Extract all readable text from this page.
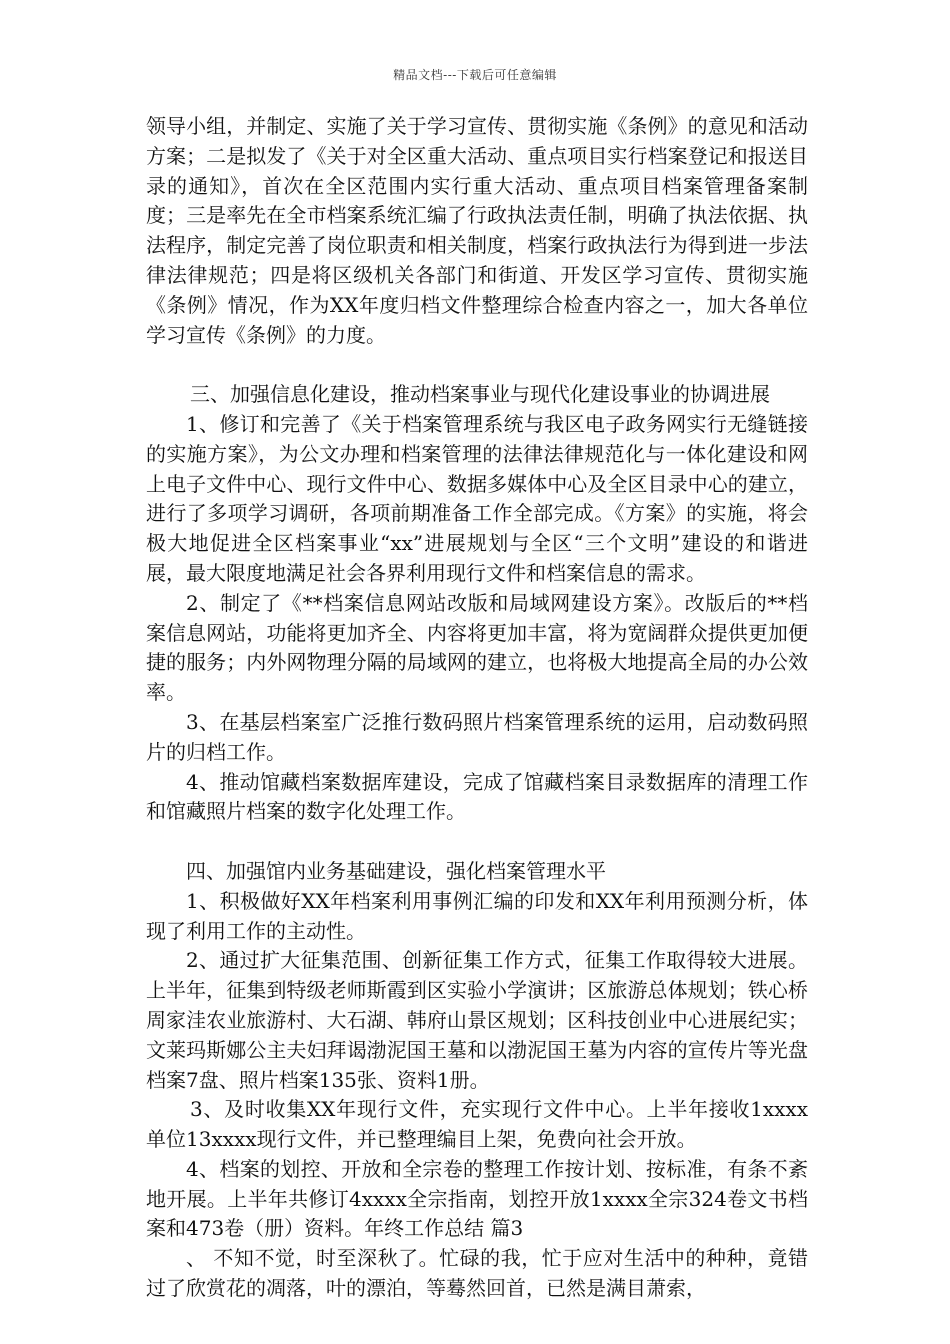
精品文档---下载后可任意编辑

领导小组，并制定、实施了关于学习宣传、贯彻实施《条例》的意见和活动方案；二是拟发了《关于对全区重大活动、重点项目实行档案登记和报送目录的通知》，首次在全区范围内实行重大活动、重点项目档案管理备案制度；三是率先在全市档案系统汇编了行政执法责任制，明确了执法依据、执法程序，制定完善了岗位职责和相关制度，档案行政执法行为得到进一步法律法律规范；四是将区级机关各部门和街道、开发区学习宣传、贯彻实施《条例》情况，作为XX年度归档文件整理综合检查内容之一，加大各单位学习宣传《条例》的力度。

三、加强信息化建设，推动档案事业与现代化建设事业的协调进展

1、修订和完善了《关于档案管理系统与我区电子政务网实行无缝链接的实施方案》，为公文办理和档案管理的法律法律规范化与一体化建设和网上电子文件中心、现行文件中心、数据多媒体中心及全区目录中心的建立，进行了多项学习调研，各项前期准备工作全部完成。《方案》的实施，将会极大地促进全区档案事业“xx”进展规划与全区“三个文明”建设的和谐进展，最大限度地满足社会各界利用现行文件和档案信息的需求。

2、制定了《**档案信息网站改版和局域网建设方案》。改版后的**档案信息网站，功能将更加齐全、内容将更加丰富，将为宽阔群众提供更加便捷的服务；内外网物理分隔的局域网的建立，也将极大地提高全局的办公效率。

3、在基层档案室广泛推行数码照片档案管理系统的运用，启动数码照片的归档工作。

4、推动馆藏档案数据库建设，完成了馆藏档案目录数据库的清理工作和馆藏照片档案的数字化处理工作。

四、加强馆内业务基础建设，强化档案管理水平

1、积极做好XX年档案利用事例汇编的印发和XX年利用预测分析，体现了利用工作的主动性。

2、通过扩大征集范围、创新征集工作方式，征集工作取得较大进展。上半年，征集到特级老师斯霞到区实验小学演讲；区旅游总体规划；铁心桥周家洼农业旅游村、大石湖、韩府山景区规划；区科技创业中心进展纪实；文莱玛斯娜公主夫妇拜谒渤泥国王墓和以渤泥国王墓为内容的宣传片等光盘档案7盘、照片档案135张、资料1册。

3、及时收集XX年现行文件，充实现行文件中心。上半年接收1xxxx单位13xxxx现行文件，并已整理编目上架，免费向社会开放。

4、档案的划控、开放和全宗卷的整理工作按计划、按标准，有条不紊地开展。上半年共修订4xxxx全宗指南，划控开放1xxxx全宗324卷文书档案和473卷（册）资料。年终工作总结 篇3

、 不知不觉，时至深秋了。忙碌的我，忙于应对生活中的种种，竟错过了欣赏花的凋落，叶的漂泊，等蓦然回首，已然是满目萧索，
